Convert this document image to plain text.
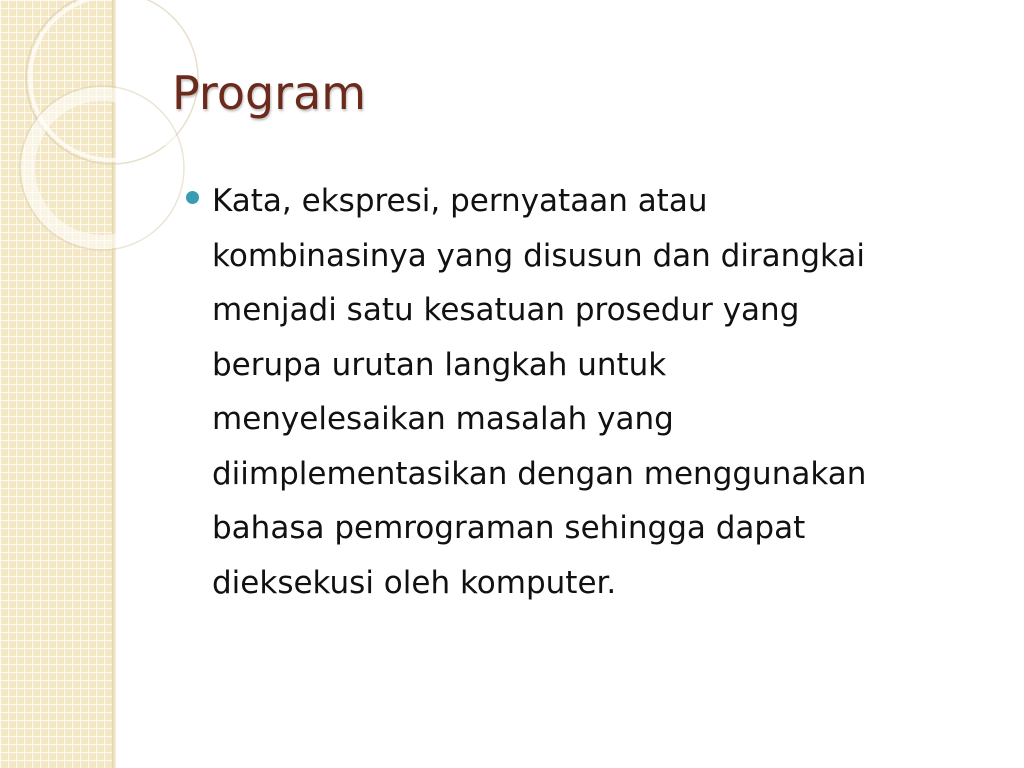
Program
Kata, ekspresi, pernyataan atau
kombinasinya yang disusun dan dirangkai
menjadi satu kesatuan prosedur yang
berupa urutan langkah untuk
menyelesaikan masalah yang
diimplementasikan dengan menggunakan
bahasa pemrograman sehingga dapat
dieksekusi oleh komputer.
